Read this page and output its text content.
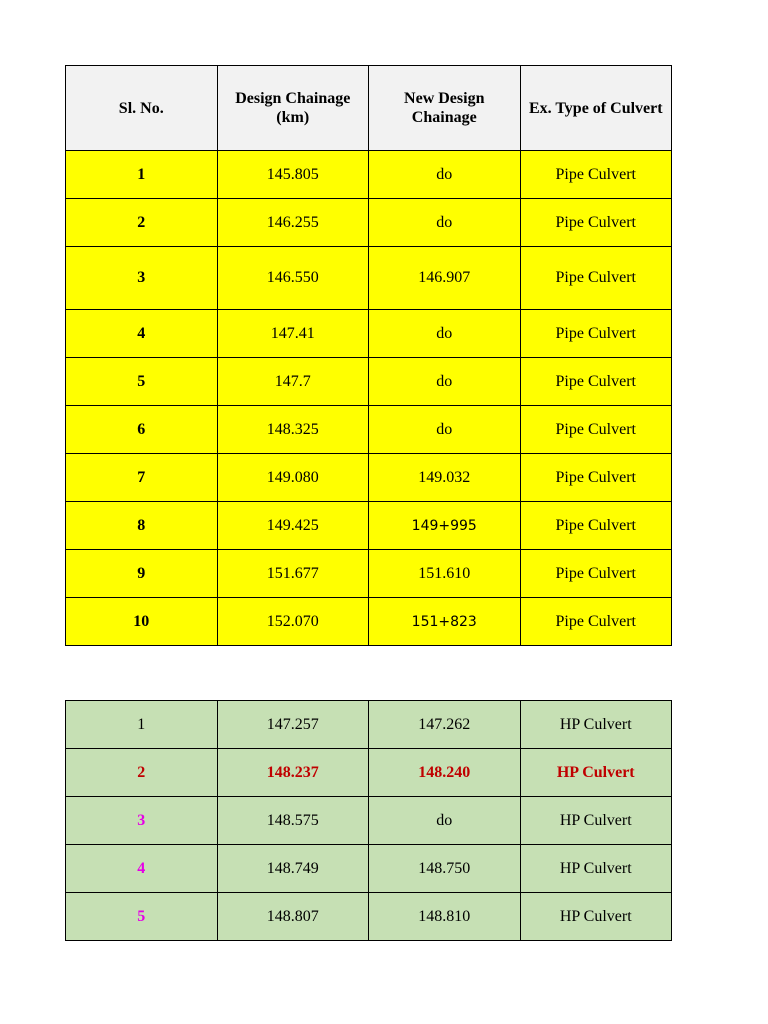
Sl. No.	Design Chainage (km)	New Design Chainage	Ex. Type of Culvert
1	145.805	do	Pipe Culvert
2	146.255	do	Pipe Culvert
3	146.550	146.907	Pipe Culvert
4	147.41	do	Pipe Culvert
5	147.7	do	Pipe Culvert
6	148.325	do	Pipe Culvert
7	149.080	149.032	Pipe Culvert
8	149.425	149+995	Pipe Culvert
9	151.677	151.610	Pipe Culvert
10	152.070	151+823	Pipe Culvert
1	147.257	147.262	HP Culvert
2	148.237	148.240	HP Culvert
3	148.575	do	HP Culvert
4	148.749	148.750	HP Culvert
5	148.807	148.810	HP Culvert
